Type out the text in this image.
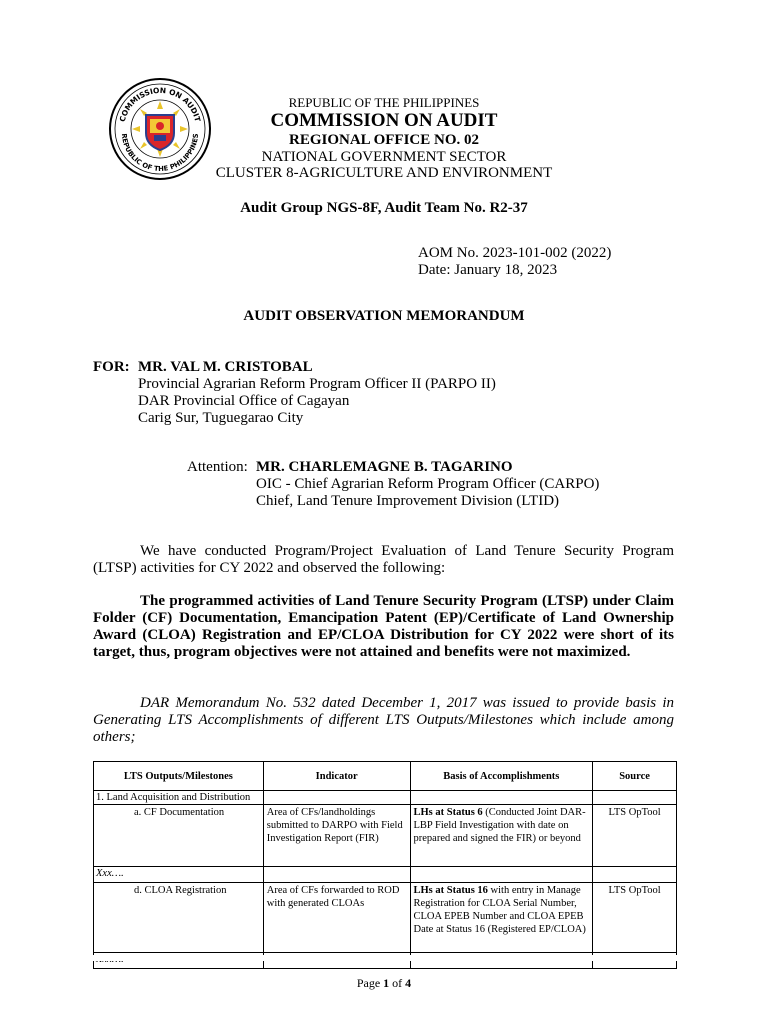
COMMISSION ON AUDIT
REPUBLIC OF THE PHILIPPINES
REPUBLIC OF THE PHILIPPINES
COMMISSION ON AUDIT
REGIONAL OFFICE NO. 02
NATIONAL GOVERNMENT SECTOR
CLUSTER 8-AGRICULTURE AND ENVIRONMENT
Audit Group NGS-8F, Audit Team No. R2-37
AOM No. 2023-101-002 (2022)
Date: January 18, 2023
AUDIT OBSERVATION MEMORANDUM
FOR: MR. VAL M. CRISTOBAL
Provincial Agrarian Reform Program Officer II (PARPO II)
DAR Provincial Office of Cagayan
Carig Sur, Tuguegarao City
Attention: MR. CHARLEMAGNE B. TAGARINO
OIC - Chief Agrarian Reform Program Officer (CARPO)
Chief, Land Tenure Improvement Division (LTID)
We have conducted Program/Project Evaluation of Land Tenure Security Program (LTSP) activities for CY 2022 and observed the following:
The programmed activities of Land Tenure Security Program (LTSP) under Claim Folder (CF) Documentation, Emancipation Patent (EP)/Certificate of Land Ownership Award (CLOA) Registration and EP/CLOA Distribution for CY 2022 were short of its target, thus, program objectives were not attained and benefits were not maximized.
DAR Memorandum No. 532 dated December 1, 2017 was issued to provide basis in Generating LTS Accomplishments of different LTS Outputs/Milestones which include among others;
LTS Outputs/Milestones	Indicator	Basis of Accomplishments	Source
1. Land Acquisition and Distribution			
a. CF Documentation	Area of CFs/landholdings submitted to DARPO with Field Investigation Report (FIR)	LHs at Status 6 (Conducted Joint DAR-LBP Field Investigation with date on prepared and signed the FIR) or beyond	LTS OpTool
Xxx….			
d. CLOA Registration	Area of CFs forwarded to ROD with generated CLOAs	LHs at Status 16 with entry in Manage Registration for CLOA Serial Number, CLOA EPEB Number and CLOA EPEB Date at Status 16 (Registered EP/CLOA)	LTS OpTool

Page 1 of 4
